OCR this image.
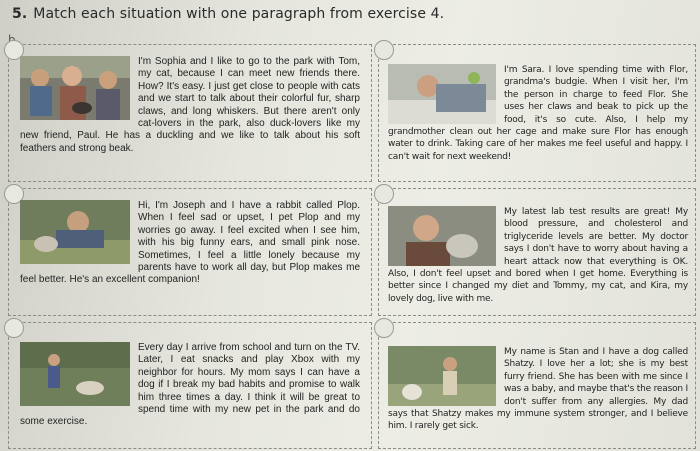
5. Match each situation with one paragraph from exercise 4.
I'm Sophia and I like to go to the park with Tom, my cat, because I can meet new friends there. How? It's easy. I just get close to people with cats and we start to talk about their colorful fur, sharp claws, and long whiskers. But there aren't only cat-lovers in the park, also duck-lovers like my new friend, Paul. He has a duckling and we like to talk about his soft feathers and strong beak.
I'm Sara. I love spending time with Flor, grandma's budgie. When I visit her, I'm the person in charge to feed Flor. She uses her claws and beak to pick up the food, it's so cute. Also, I help my grandmother clean out her cage and make sure Flor has enough water to drink. Taking care of her makes me feel useful and happy. I can't wait for next weekend!
Hi, I'm Joseph and I have a rabbit called Plop. When I feel sad or upset, I pet Plop and my worries go away. I feel excited when I see him, with his big funny ears, and small pink nose. Sometimes, I feel a little lonely because my parents have to work all day, but Plop makes me feel better. He's an excellent companion!
My latest lab test results are great! My blood pressure, and cholesterol and triglyceride levels are better. My doctor says I don't have to worry about having a heart attack now that everything is OK. Also, I don't feel upset and bored when I get home. Everything is better since I changed my diet and Tommy, my cat, and Kira, my lovely dog, live with me.
Every day I arrive from school and turn on the TV. Later, I eat snacks and play Xbox with my neighbor for hours. My mom says I can have a dog if I break my bad habits and promise to walk him three times a day. I think it will be great to spend time with my new pet in the park and do some exercise.
My name is Stan and I have a dog called Shatzy. I love her a lot; she is my best furry friend. She has been with me since I was a baby, and maybe that's the reason I don't suffer from any allergies. My dad says that Shatzy makes my immune system stronger, and I believe him. I rarely get sick.
